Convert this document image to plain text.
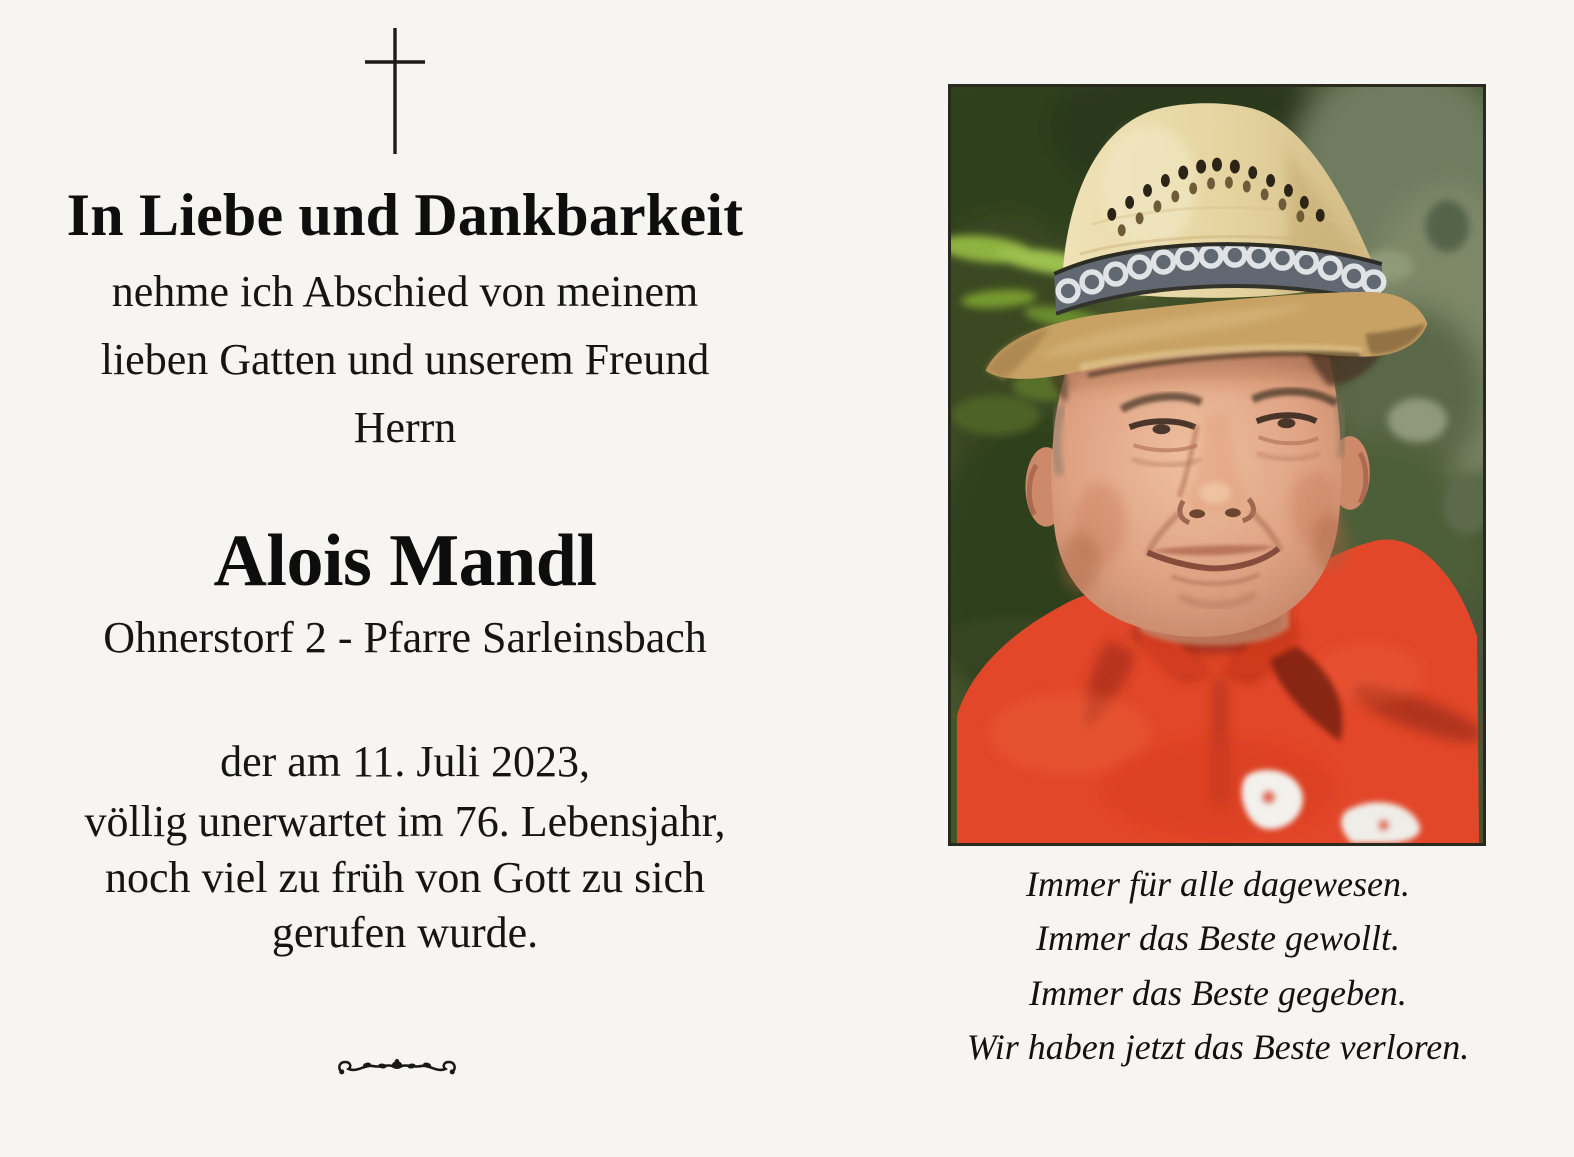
In Liebe und Dankbarkeit
nehme ich Abschied von meinem
lieben Gatten und unserem Freund
Herrn
Alois Mandl
Ohnerstorf 2 - Pfarre Sarleinsbach
der am 11. Juli 2023,
völlig unerwartet im 76. Lebensjahr,
noch viel zu früh von Gott zu sich
gerufen wurde.
Immer für alle dagewesen.
Immer das Beste gewollt.
Immer das Beste gegeben.
Wir haben jetzt das Beste verloren.
